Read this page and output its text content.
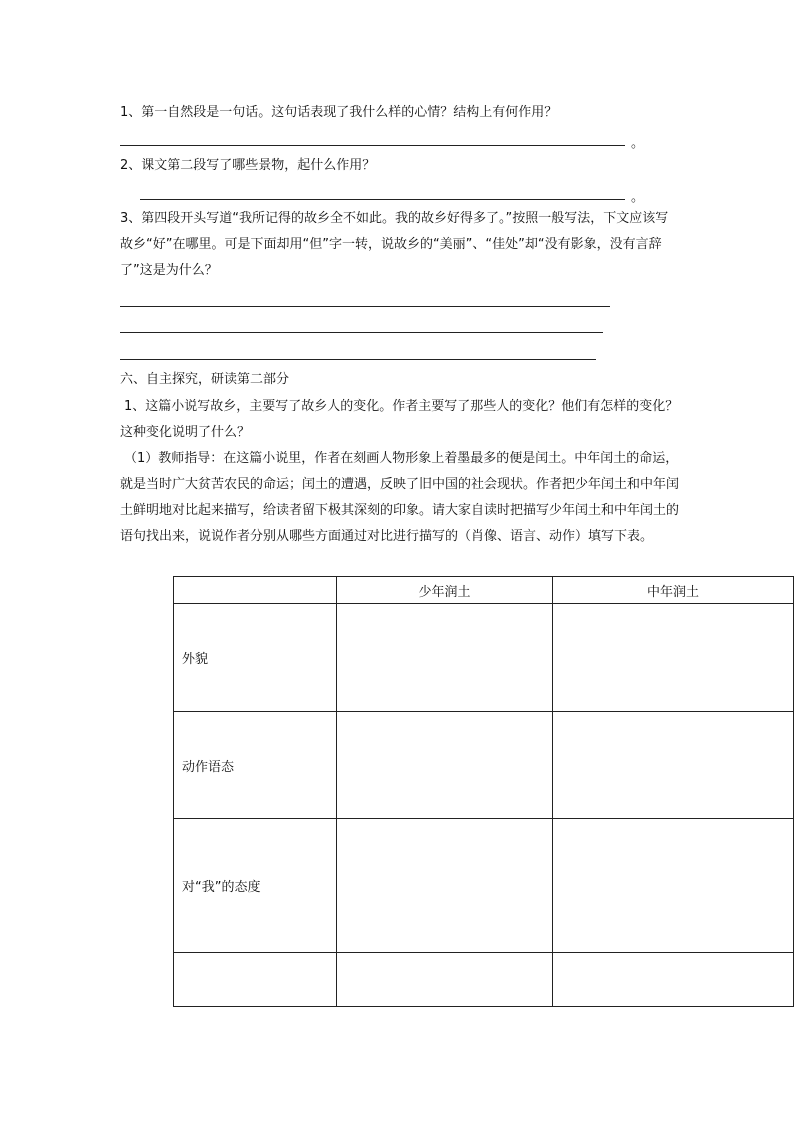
1、第一自然段是一句话。这句话表现了我什么样的心情？结构上有何作用？
。
2、课文第二段写了哪些景物，起什么作用？
。
3、第四段开头写道“我所记得的故乡全不如此。我的故乡好得多了。”按照一般写法，下文应该写故乡“好”在哪里。可是下面却用“但”字一转，说故乡的“美丽”、“佳处”却“没有影象，没有言辞了”这是为什么？
六、自主探究，研读第二部分
1、这篇小说写故乡，主要写了故乡人的变化。作者主要写了那些人的变化？他们有怎样的变化？这种变化说明了什么？
（1）教师指导：在这篇小说里，作者在刻画人物形象上着墨最多的便是闰土。中年闰土的命运，就是当时广大贫苦农民的命运；闰土的遭遇，反映了旧中国的社会现状。作者把少年闰土和中年闰土鲜明地对比起来描写，给读者留下极其深刻的印象。请大家自读时把描写少年闰土和中年闰土的语句找出来，说说作者分别从哪些方面通过对比进行描写的（肖像、语言、动作）填写下表。
	少年润土	中年润土
外貌		
动作语态		
对“我”的态度		
